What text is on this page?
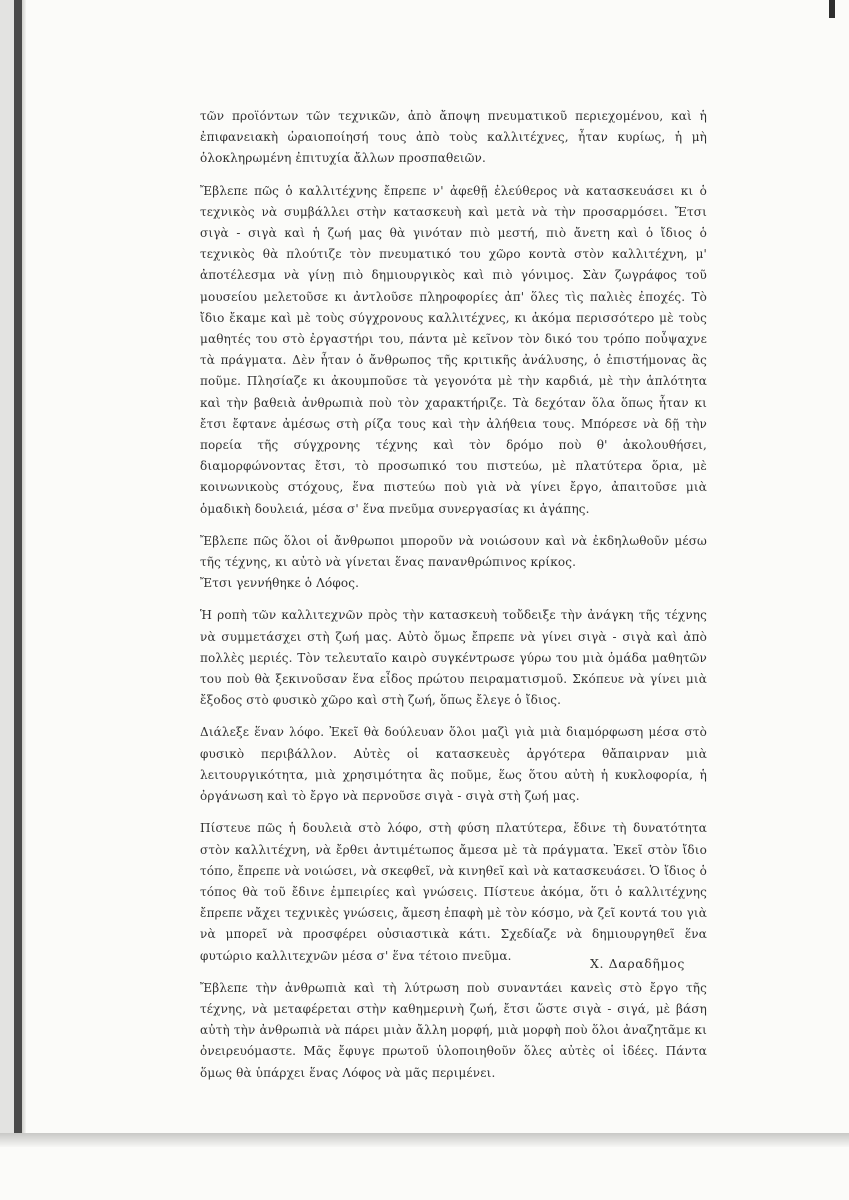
τῶν προϊόντων τῶν τεχνικῶν, ἀπὸ ἄποψη πνευματικοῦ περιεχομένου, καὶ ἡ ἐπιφανειακὴ ὡραιοποίησή τους ἀπὸ τοὺς καλλιτέχνες, ἦταν κυρίως, ἡ μὴ ὁλοκληρωμένη ἐπιτυχία ἄλλων προσπαθειῶν.

Ἔβλεπε πῶς ὁ καλλιτέχνης ἔπρεπε ν' ἀφεθῇ ἐλεύθερος νὰ κατασκευάσει κι ὁ τεχνικὸς νὰ συμβάλλει στὴν κατασκευὴ καὶ μετὰ νὰ τὴν προσαρμόσει. Ἔτσι σιγὰ - σιγὰ καὶ ἡ ζωή μας θὰ γινόταν πιὸ μεστή, πιὸ ἄνετη καὶ ὁ ἴδιος ὁ τεχνικὸς θὰ πλούτιζε τὸν πνευματικό του χῶρο κοντὰ στὸν καλλιτέχνη, μ' ἀποτέλεσμα νὰ γίνῃ πιὸ δημιουργικὸς καὶ πιὸ γόνιμος. Σὰν ζωγράφος τοῦ μουσείου μελετοῦσε κι ἀντλοῦσε πληροφορίες ἀπ' ὅλες τὶς παλιὲς ἐποχές. Τὸ ἴδιο ἔκαμε καὶ μὲ τοὺς σύγχρονους καλλιτέχνες, κι ἀκόμα περισσότερο μὲ τοὺς μαθητές του στὸ ἐργαστήρι του, πάντα μὲ κεῖνον τὸν δικό του τρόπο ποὖψαχνε τὰ πράγματα. Δὲν ἦταν ὁ ἄνθρωπος τῆς κριτικῆς ἀνάλυσης, ὁ ἐπιστήμονας ἂς ποῦμε. Πλησίαζε κι ἀκουμποῦσε τὰ γεγονότα μὲ τὴν καρδιά, μὲ τὴν ἁπλότητα καὶ τὴν βαθειὰ ἀνθρωπιὰ ποὺ τὸν χαρακτήριζε. Τὰ δεχόταν ὅλα ὅπως ἦταν κι ἔτσι ἔφτανε ἀμέσως στὴ ρίζα τους καὶ τὴν ἀλήθεια τους. Μπόρεσε νὰ δῇ τὴν πορεία τῆς σύγχρονης τέχνης καὶ τὸν δρόμο ποὺ θ' ἀκολουθήσει, διαμορφώνοντας ἔτσι, τὸ προσωπικό του πιστεύω, μὲ πλατύτερα ὅρια, μὲ κοινωνικοὺς στόχους, ἕνα πιστεύω ποὺ γιὰ νὰ γίνει ἔργο, ἀπαιτοῦσε μιὰ ὁμαδικὴ δουλειά, μέσα σ' ἕνα πνεῦμα συνεργασίας κι ἀγάπης.

Ἔβλεπε πῶς ὅλοι οἱ ἄνθρωποι μποροῦν νὰ νοιώσουν καὶ νὰ ἐκδηλωθοῦν μέσω τῆς τέχνης, κι αὐτὸ νὰ γίνεται ἕνας πανανθρώπινος κρίκος.

Ἔτσι γεννήθηκε ὁ Λόφος.

Ἡ ροπὴ τῶν καλλιτεχνῶν πρὸς τὴν κατασκευὴ τοὔδειξε τὴν ἀνάγκη τῆς τέχνης νὰ συμμετάσχει στὴ ζωή μας. Αὐτὸ ὅμως ἔπρεπε νὰ γίνει σιγὰ - σιγὰ καὶ ἀπὸ πολλὲς μεριές. Τὸν τελευταῖο καιρὸ συγκέντρωσε γύρω του μιὰ ὁμάδα μαθητῶν του ποὺ θὰ ξεκινοῦσαν ἕνα εἶδος πρώτου πειραματισμοῦ. Σκόπευε νὰ γίνει μιὰ ἔξοδος στὸ φυσικὸ χῶρο καὶ στὴ ζωή, ὅπως ἔλεγε ὁ ἴδιος.

Διάλεξε ἕναν λόφο. Ἐκεῖ θὰ δούλευαν ὅλοι μαζὶ γιὰ μιὰ διαμόρφωση μέσα στὸ φυσικὸ περιβάλλον. Αὐτὲς οἱ κατασκευὲς ἀργότερα θἄπαιρναν μιὰ λειτουργικότητα, μιὰ χρησιμότητα ἂς ποῦμε, ἕως ὅτου αὐτὴ ἡ κυκλοφορία, ἡ ὀργάνωση καὶ τὸ ἔργο νὰ περνοῦσε σιγὰ - σιγὰ στὴ ζωή μας.

Πίστευε πῶς ἡ δουλειὰ στὸ λόφο, στὴ φύση πλατύτερα, ἔδινε τὴ δυνατότητα στὸν καλλιτέχνη, νὰ ἔρθει ἀντιμέτωπος ἄμεσα μὲ τὰ πράγματα. Ἐκεῖ στὸν ἴδιο τόπο, ἔπρεπε νὰ νοιώσει, νὰ σκεφθεῖ, νὰ κινηθεῖ καὶ νὰ κατασκευάσει. Ὁ ἴδιος ὁ τόπος θὰ τοῦ ἔδινε ἐμπειρίες καὶ γνώσεις. Πίστευε ἀκόμα, ὅτι ὁ καλλιτέχνης ἔπρεπε νἄχει τεχνικὲς γνώσεις, ἄμεση ἐπαφὴ μὲ τὸν κόσμο, νὰ ζεῖ κοντά του γιὰ νὰ μπορεῖ νὰ προσφέρει οὐσιαστικὰ κάτι. Σχεδίαζε νὰ δημιουργηθεῖ ἕνα φυτώριο καλλιτεχνῶν μέσα σ' ἕνα τέτοιο πνεῦμα.

Ἔβλεπε τὴν ἀνθρωπιὰ καὶ τὴ λύτρωση ποὺ συναντάει κανεὶς στὸ ἔργο τῆς τέχνης, νὰ μεταφέρεται στὴν καθημερινὴ ζωή, ἔτσι ὥστε σιγὰ - σιγά, μὲ βάση αὐτὴ τὴν ἀνθρωπιὰ νὰ πάρει μιὰν ἄλλη μορφή, μιὰ μορφὴ ποὺ ὅλοι ἀναζητᾶμε κι ὀνειρευόμαστε. Μᾶς ἔφυγε πρωτοῦ ὑλοποιηθοῦν ὅλες αὐτὲς οἱ ἰδέες. Πάντα ὅμως θὰ ὑπάρχει ἕνας Λόφος νὰ μᾶς περιμένει.

Χ. Δαραδῆμος
